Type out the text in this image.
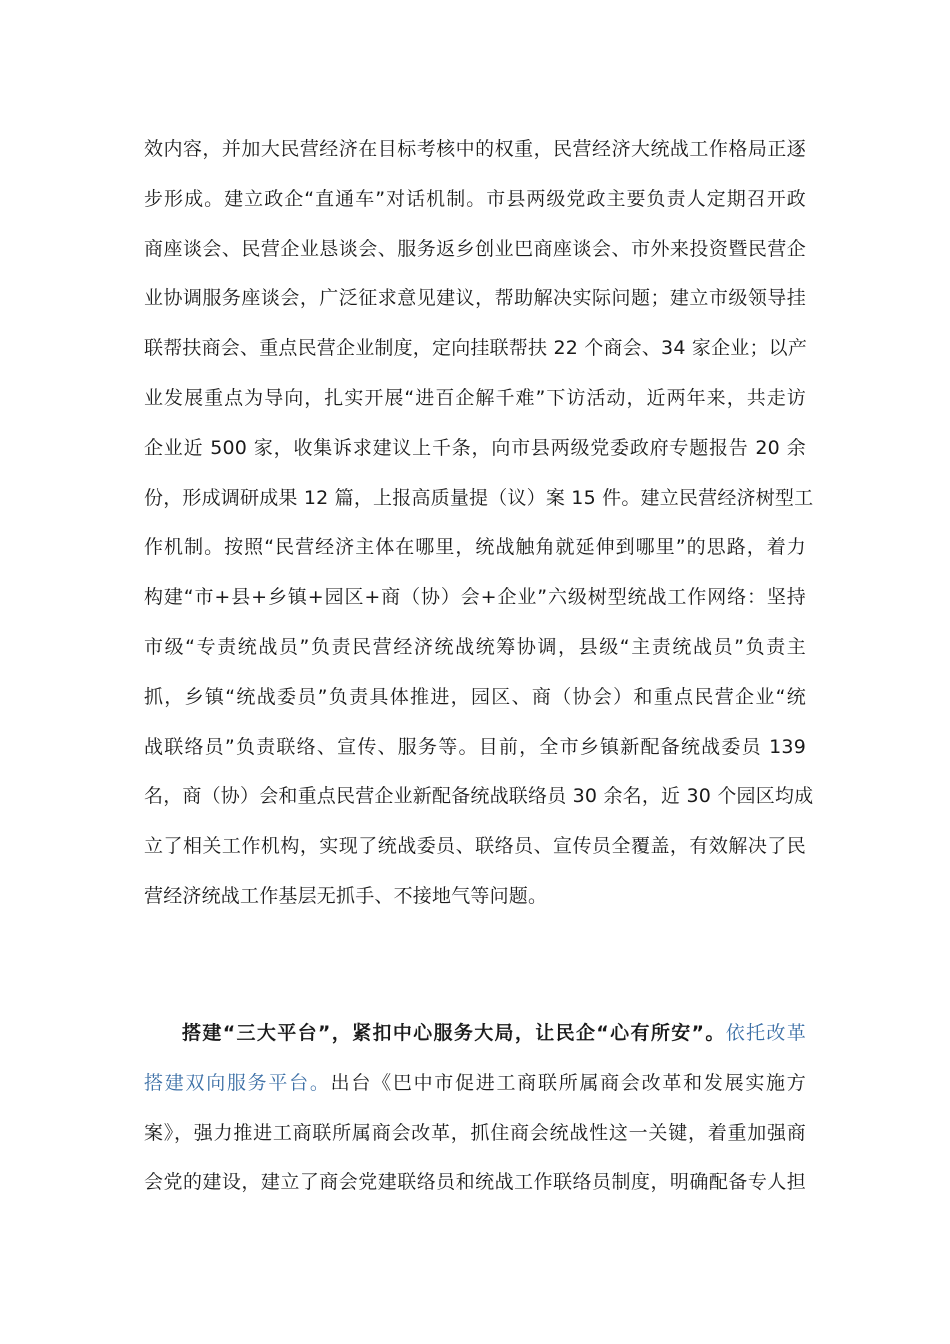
效内容，并加大民营经济在目标考核中的权重，民营经济大统战工作格局正逐
步形成。建立政企“直通车”对话机制。市县两级党政主要负责人定期召开政
商座谈会、民营企业恳谈会、服务返乡创业巴商座谈会、市外来投资暨民营企
业协调服务座谈会，广泛征求意见建议，帮助解决实际问题；建立市级领导挂
联帮扶商会、重点民营企业制度，定向挂联帮扶 22 个商会、34 家企业；以产
业发展重点为导向，扎实开展“进百企解千难”下访活动，近两年来，共走访
企业近 500 家，收集诉求建议上千条，向市县两级党委政府专题报告 20 余
份，形成调研成果 12 篇，上报高质量提（议）案 15 件。建立民营经济树型工
作机制。按照“民营经济主体在哪里，统战触角就延伸到哪里”的思路，着力
构建“市+县+乡镇+园区+商（协）会+企业”六级树型统战工作网络：坚持
市级“专责统战员”负责民营经济统战统筹协调，县级“主责统战员”负责主
抓，乡镇“统战委员”负责具体推进，园区、商（协会）和重点民营企业“统
战联络员”负责联络、宣传、服务等。目前，全市乡镇新配备统战委员 139
名，商（协）会和重点民营企业新配备统战联络员 30 余名，近 30 个园区均成
立了相关工作机构，实现了统战委员、联络员、宣传员全覆盖，有效解决了民
营经济统战工作基层无抓手、不接地气等问题。
搭建“三大平台”，紧扣中心服务大局，让民企“心有所安”。依托改革
搭建双向服务平台。出台《巴中市促进工商联所属商会改革和发展实施方
案》，强力推进工商联所属商会改革，抓住商会统战性这一关键，着重加强商
会党的建设，建立了商会党建联络员和统战工作联络员制度，明确配备专人担
